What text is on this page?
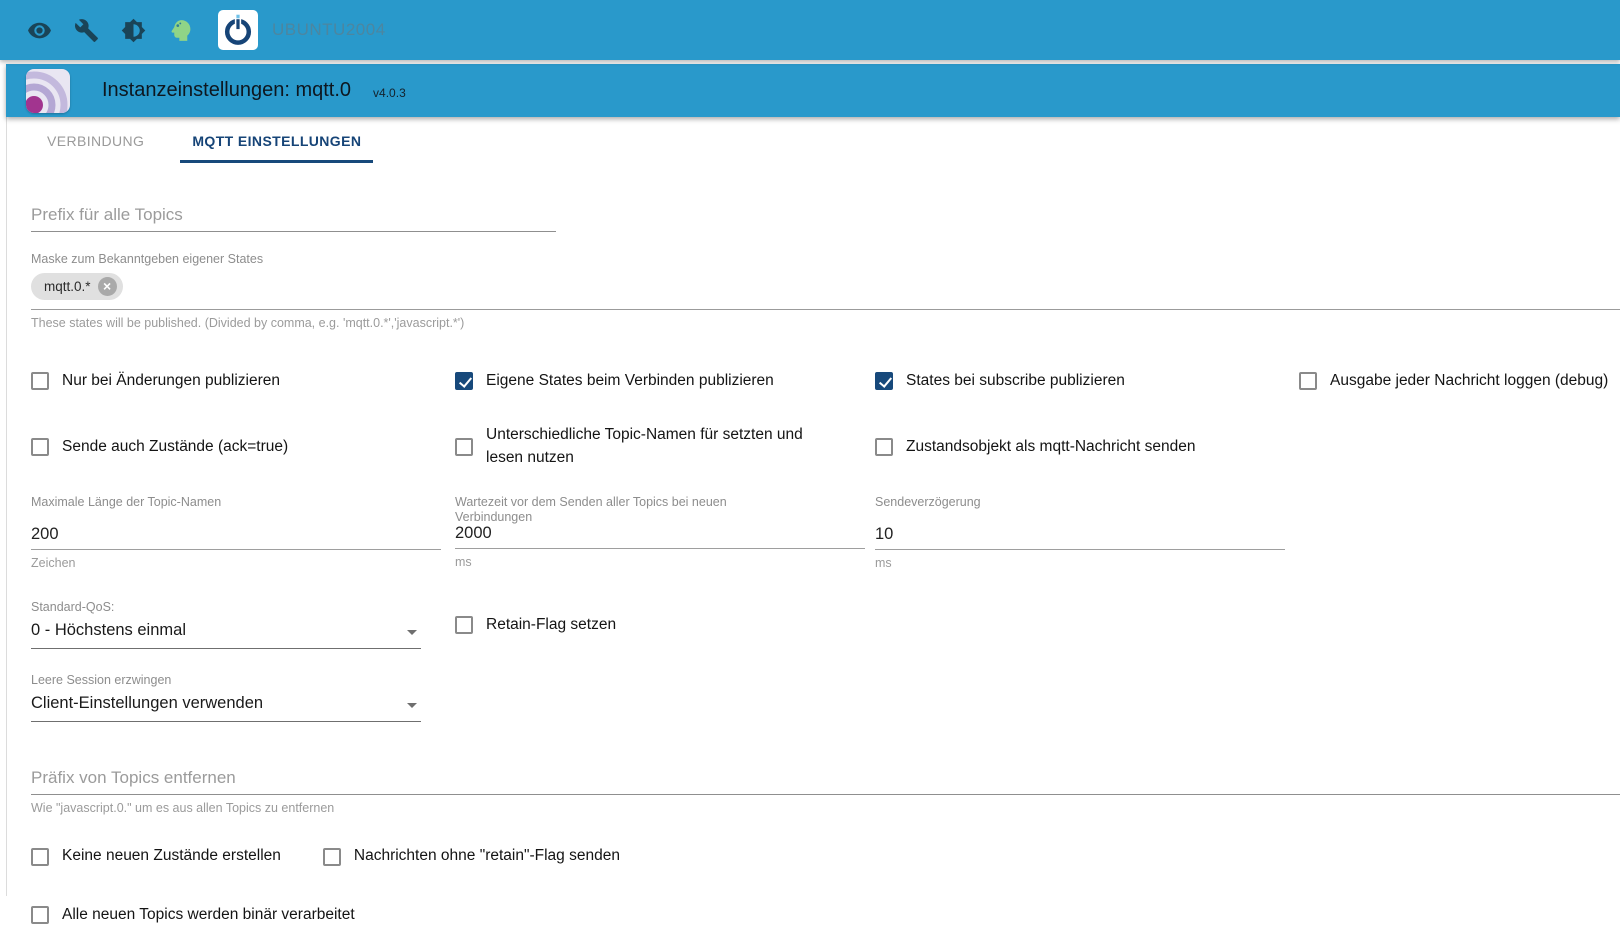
UBUNTU2004
Instanzeinstellungen: mqtt.0 v4.0.3
VERBINDUNG	MQTT EINSTELLUNGEN
Prefix für alle Topics
Maske zum Bekanntgeben eigener States
mqtt.0.* ×
These states will be published. (Divided by comma, e.g. 'mqtt.0.*','javascript.*')
Nur bei Änderungen publizieren	Eigene States beim Verbinden publizieren	States bei subscribe publizieren	Ausgabe jeder Nachricht loggen (debug)
Sende auch Zustände (ack=true)
Unterschiedliche Topic-Namen für setzten und lesen nutzen
Zustandsobjekt als mqtt-Nachricht senden
Maximale Länge der Topic-Namen
200
Zeichen
Wartezeit vor dem Senden aller Topics bei neuen Verbindungen
2000
ms
Sendeverzögerung
10
ms
Standard-QoS:
0 - Höchstens einmal	Retain-Flag setzen
Leere Session erzwingen
Client-Einstellungen verwenden
Präfix von Topics entfernen
Wie "javascript.0." um es aus allen Topics zu entfernen
Keine neuen Zustände erstellen	Nachrichten ohne "retain"-Flag senden
Alle neuen Topics werden binär verarbeitet
